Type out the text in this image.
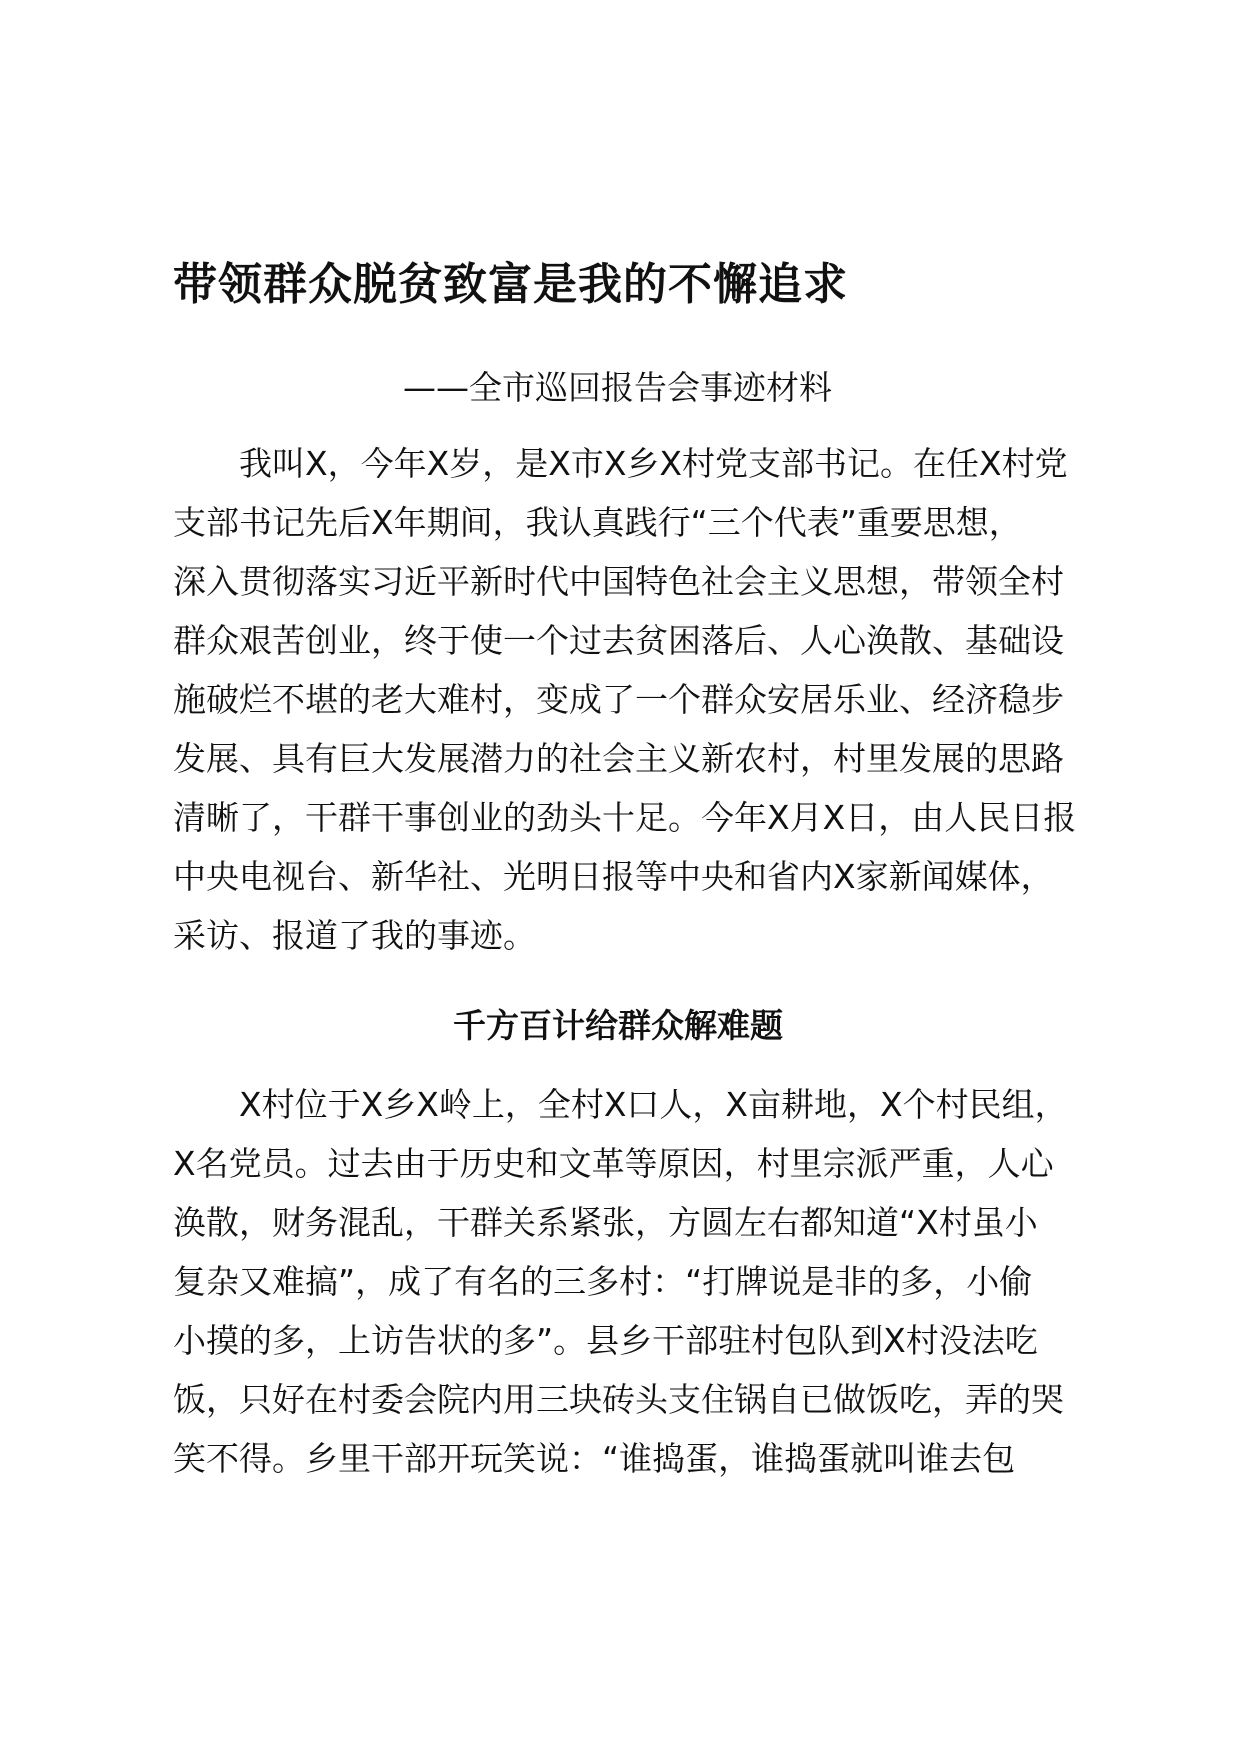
带领群众脱贫致富是我的不懈追求

——全市巡回报告会事迹材料

我叫X，今年X岁，是X市X乡X村党支部书记。在任X村党
支部书记先后X年期间，我认真践行“三个代表”重要思想，
深入贯彻落实习近平新时代中国特色社会主义思想，带领全村
群众艰苦创业，终于使一个过去贫困落后、人心涣散、基础设
施破烂不堪的老大难村，变成了一个群众安居乐业、经济稳步
发展、具有巨大发展潜力的社会主义新农村，村里发展的思路
清晰了，干群干事创业的劲头十足。今年X月X日，由人民日报
中央电视台、新华社、光明日报等中央和省内X家新闻媒体，
采访、报道了我的事迹。
千方百计给群众解难题
X村位于X乡X岭上，全村X口人，X亩耕地，X个村民组，
X名党员。过去由于历史和文革等原因，村里宗派严重，人心
涣散，财务混乱，干群关系紧张，方圆左右都知道“X村虽小
复杂又难搞”，成了有名的三多村：“打牌说是非的多，小偷
小摸的多，上访告状的多”。县乡干部驻村包队到X村没法吃
饭，只好在村委会院内用三块砖头支住锅自已做饭吃，弄的哭
笑不得。乡里干部开玩笑说：“谁捣蛋，谁捣蛋就叫谁去包
